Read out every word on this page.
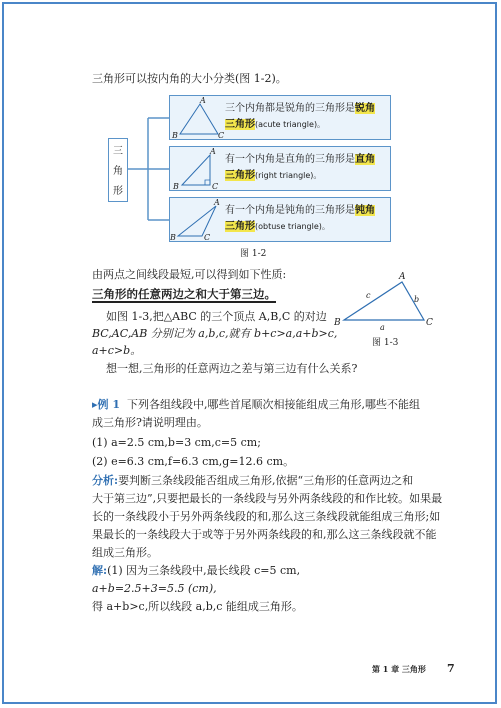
三角形可以按内角的大小分类(图 1-2)。
三
角
形
A
B	C
三个内角都是锐角的三角形是锐角
三角形(acute triangle)。
A
B	C
有一个内角是直角的三角形是直角
三角形(right triangle)。
A
B	C
有一个内角是钝角的三角形是钝角
三角形(obtuse triangle)。
图 1-2
由两点之间线段最短,可以得到如下性质:
三角形的任意两边之和大于第三边。
A
B	C
c	b
a
图 1-3
如图 1-3,把△ABC 的三个顶点 A,B,C 的对边
BC,AC,AB 分别记为 a,b,c,就有 b+c>a,a+b>c,
a+c>b。
想一想,三角形的任意两边之差与第三边有什么关系?
▸例 1 下列各组线段中,哪些首尾顺次相接能组成三角形,哪些不能组
成三角形?请说明理由。
(1) a=2.5 cm,b=3 cm,c=5 cm;
(2) e=6.3 cm,f=6.3 cm,g=12.6 cm。
分析:要判断三条线段能否组成三角形,依据“三角形的任意两边之和
大于第三边”,只要把最长的一条线段与另外两条线段的和作比较。如果最
长的一条线段小于另外两条线段的和,那么这三条线段就能组成三角形;如
果最长的一条线段大于或等于另外两条线段的和,那么这三条线段就不能
组成三角形。
解:(1) 因为三条线段中,最长线段 c=5 cm,
a+b=2.5+3=5.5 (cm),
得 a+b>c,所以线段 a,b,c 能组成三角形。
第 1 章 三角形 7
